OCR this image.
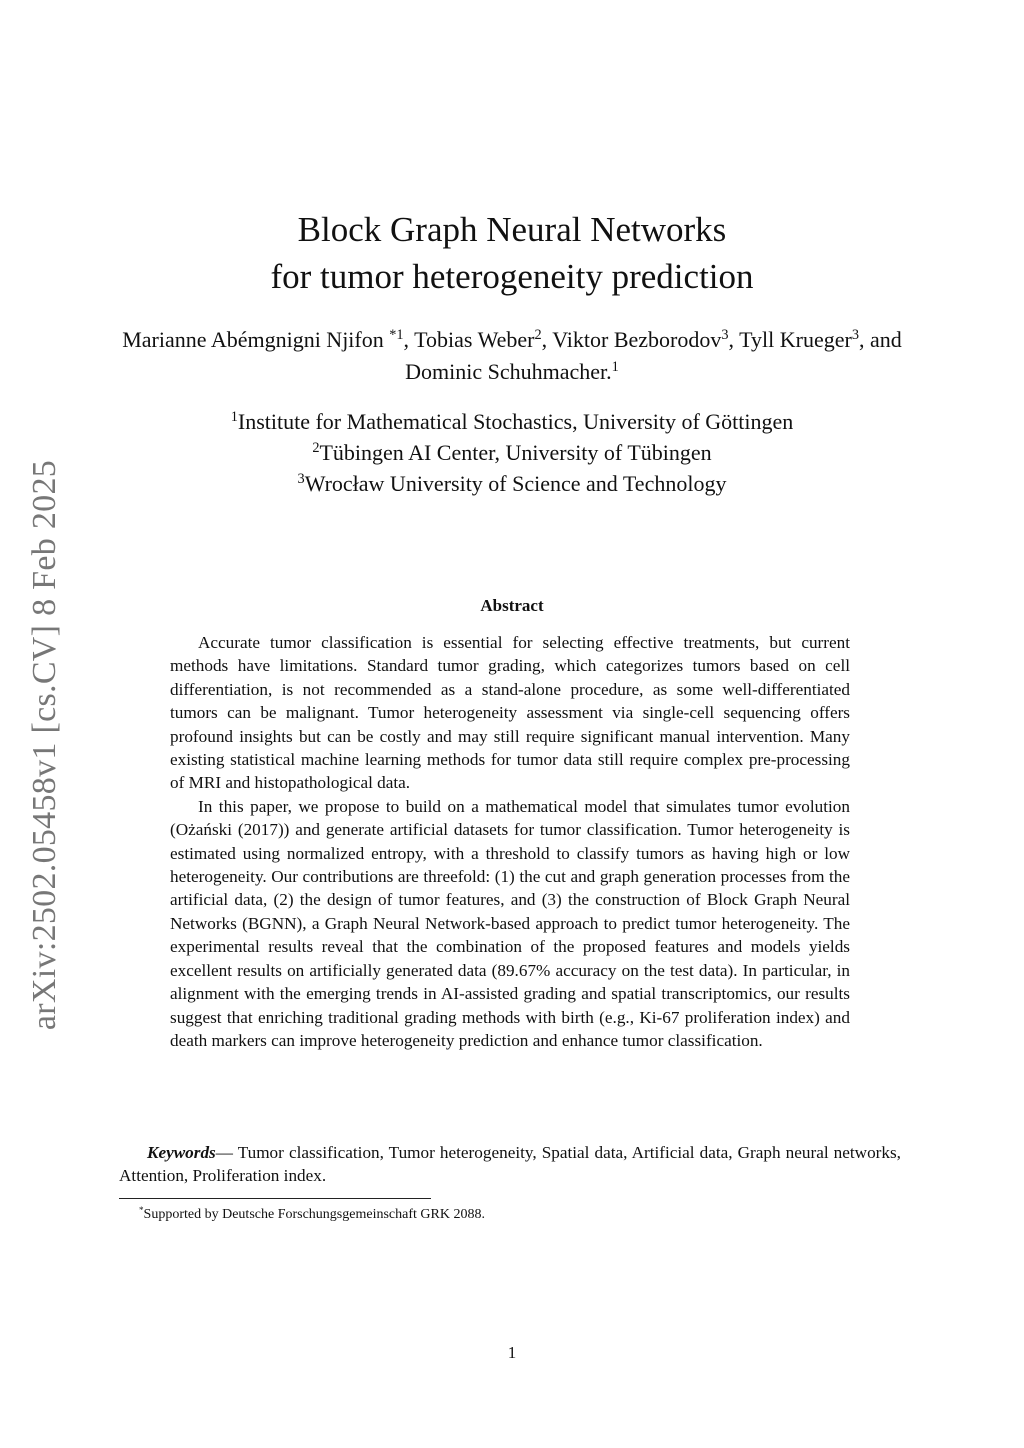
arXiv:2502.05458v1 [cs.CV] 8 Feb 2025
Block Graph Neural Networks
for tumor heterogeneity prediction
Marianne Abémgnigni Njifon $^{*1}$, Tobias Weber$^2$, Viktor Bezborodov$^3$, Tyll Krueger$^3$, and Dominic Schuhmacher.$^1$
$^1$Institute for Mathematical Stochastics, University of Göttingen
$^2$Tübingen AI Center, University of Tübingen
$^3$Wrocław University of Science and Technology
Abstract

Accurate tumor classification is essential for selecting effective treatments, but current methods have limitations. Standard tumor grading, which categorizes tumors based on cell differentiation, is not recommended as a stand-alone procedure, as some well-differentiated tumors can be malignant. Tumor heterogeneity assessment via single-cell sequencing offers profound insights but can be costly and may still require significant manual intervention. Many existing statistical machine learning methods for tumor data still require complex pre-processing of MRI and histopathological data.

In this paper, we propose to build on a mathematical model that simulates tumor evolution (Ożański (2017)) and generate artificial datasets for tumor classification. Tumor heterogeneity is estimated using normalized entropy, with a threshold to classify tumors as having high or low heterogeneity. Our contributions are threefold: (1) the cut and graph generation processes from the artificial data, (2) the design of tumor features, and (3) the construction of Block Graph Neural Networks (BGNN), a Graph Neural Network-based approach to predict tumor heterogeneity. The experimental results reveal that the combination of the proposed features and models yields excellent results on artificially generated data (89.67% accuracy on the test data). In particular, in alignment with the emerging trends in AI-assisted grading and spatial transcriptomics, our results suggest that enriching traditional grading methods with birth (e.g., Ki-67 proliferation index) and death markers can improve heterogeneity prediction and enhance tumor classification.

Keywords— Tumor classification, Tumor heterogeneity, Spatial data, Artificial data, Graph neural networks, Attention, Proliferation index.
*Supported by Deutsche Forschungsgemeinschaft GRK 2088.
1
